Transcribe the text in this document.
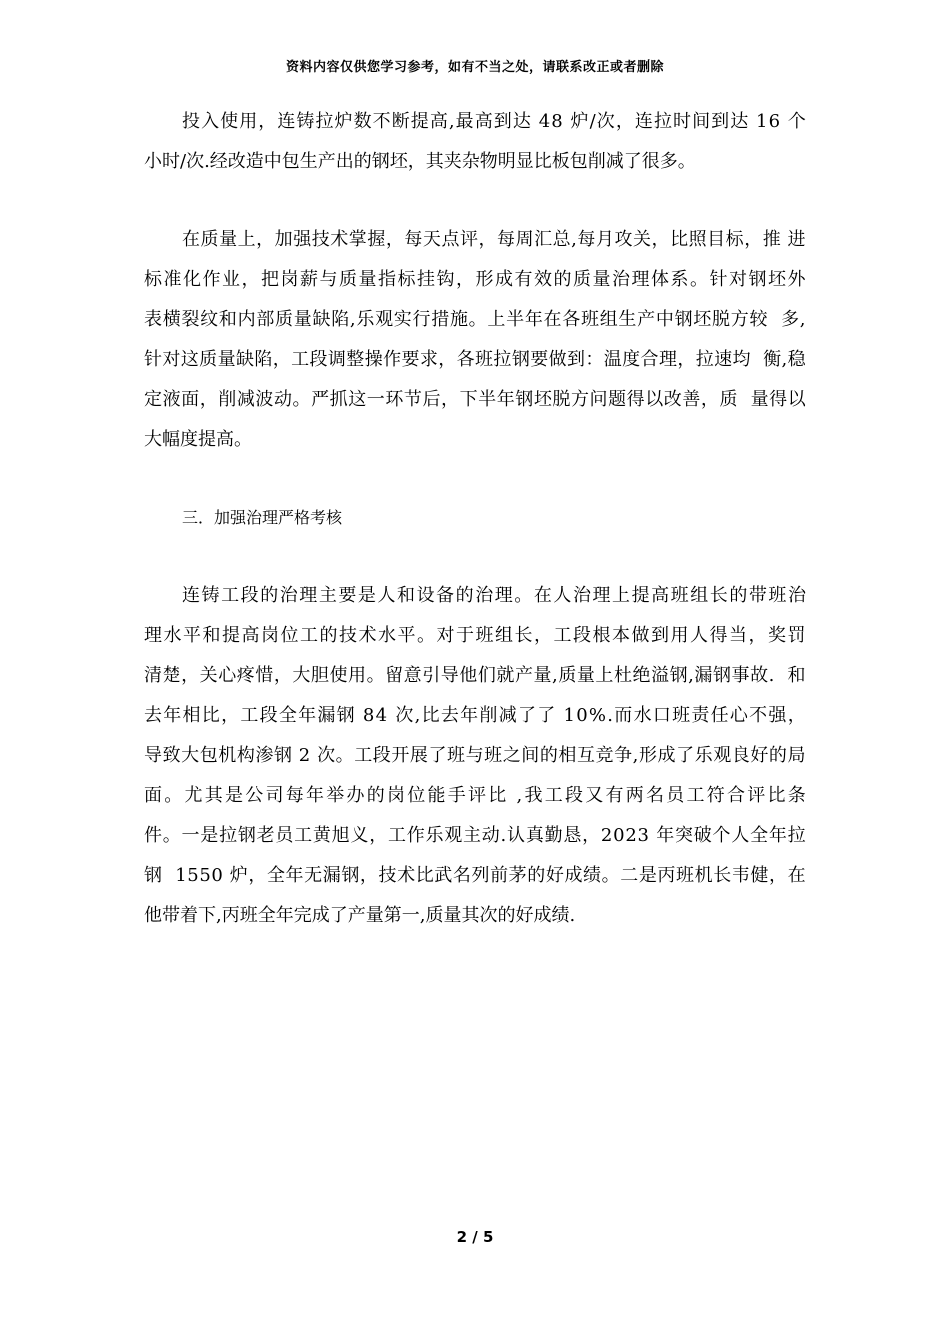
资料内容仅供您学习参考，如有不当之处，请联系改正或者删除
投 入 使 用 ， 连 铸 拉 炉 数 不 断 提 高 , 最 高 到 达
4 8
炉 / 次 ， 连 拉 时 间 到 达
1 6
个
小时/次.经改造中包生产出的钢坯，其夹杂物明显比板包削减了很多。
在 质 量 上 ， 加 强 技 术 掌 握 ， 每 天 点 评 ， 每 周 汇 总 , 每 月 攻 关 ， 比 照 目 标 ， 推
进
标 准 化 作 业 ， 把 岗 薪 与 质 量 指 标 挂 钩 ， 形 成 有 效 的 质 量 治 理 体 系 。 针 对 钢 坯 外
表 横 裂 纹 和 内 部 质 量 缺 陷 , 乐 观 实 行 措 施 。 上 半 年 在 各 班 组 生 产 中 钢 坯 脱 方 较

多 ,
针 对 这 质 量 缺 陷 ， 工 段 调 整 操 作 要 求 ， 各 班 拉 钢 要 做 到 ： 温 度 合 理 ， 拉 速 均

衡 , 稳
定 液 面 ， 削 减 波 动 。 严 抓 这 一 环 节 后 ， 下 半 年 钢 坯 脱 方 问 题 得 以 改 善 ， 质

量 得 以
大幅度提高。
三．加强治理严格考核
连 铸 工 段 的 治 理 主 要 是 人 和 设 备 的 治 理 。 在 人 治 理 上 提 高 班 组 长 的 带 班 治
理 水 平 和 提 高 岗 位 工 的 技 术 水 平 。 对 于 班 组 长 ， 工 段 根 本 做 到 用 人 得 当 ， 奖 罚
清 楚 ， 关 心 疼 惜 ， 大 胆 使 用 。 留 意 引 导 他 们 就 产 量 , 质 量 上 杜 绝 溢 钢 , 漏 钢 事 故 .

和
去 年 相 比 ， 工 段 全 年 漏 钢
8 4
次 , 比 去 年 削 减 了 了
1 0 % . 而 水 口 班 责 任 心 不 强 ，
导 致 大 包 机 构 渗 钢
2
次 。 工 段 开 展 了 班 与 班 之 间 的 相 互 竞 争 , 形 成 了 乐 观 良 好 的 局
面 。 尤 其 是 公 司 每 年 举 办 的 岗 位 能 手 评 比
, 我 工 段 又 有 两 名 员 工 符 合 评 比 条
件 。 一 是 拉 钢 老 员 工 黄 旭 义 ， 工 作 乐 观 主 动 . 认 真 勤 恳 ， 2 0 2 3
年 突 破 个 人 全 年 拉
钢

1 5 5 0
炉 ， 全 年 无 漏 钢 ， 技 术 比 武 名 列 前 茅 的 好 成 绩 。 二 是 丙 班 机 长 韦 健 ， 在
他带着下,丙班全年完成了产量第一,质量其次的好成绩.
2 / 5
